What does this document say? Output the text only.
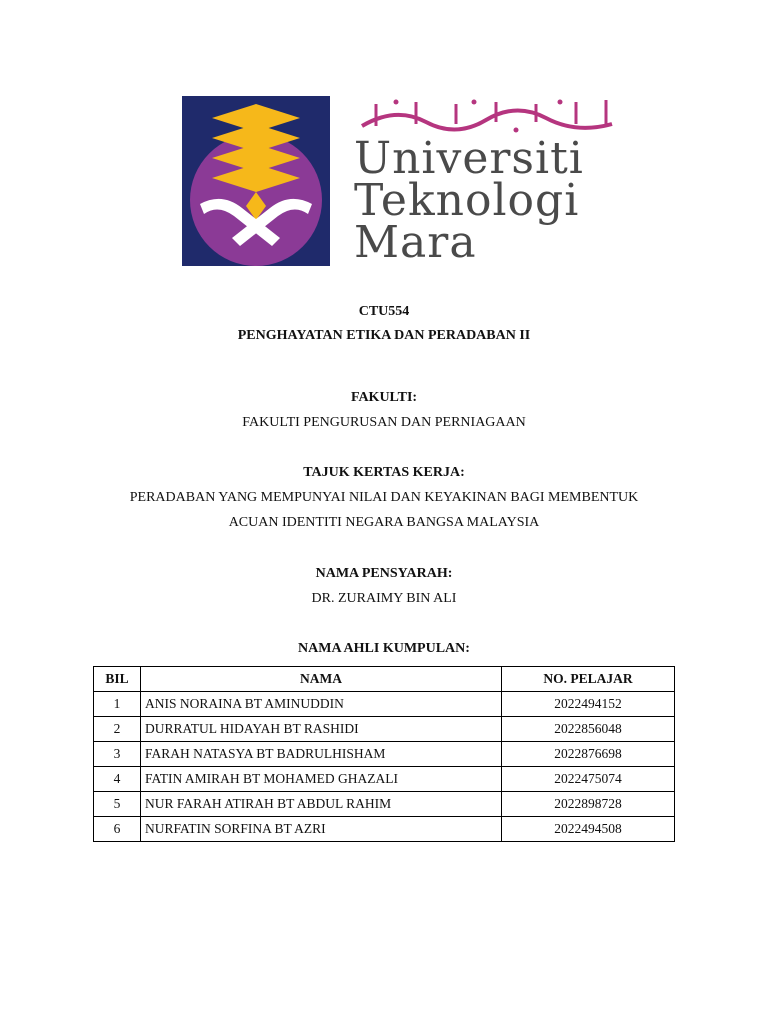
Universiti
Teknologi
Mara
CTU554
PENGHAYATAN ETIKA DAN PERADABAN II
FAKULTI:
FAKULTI PENGURUSAN DAN PERNIAGAAN
TAJUK KERTAS KERJA:
PERADABAN YANG MEMPUNYAI NILAI DAN KEYAKINAN BAGI MEMBENTUK
ACUAN IDENTITI NEGARA BANGSA MALAYSIA
NAMA PENSYARAH:
DR. ZURAIMY BIN ALI
NAMA AHLI KUMPULAN:
BIL	NAMA	NO. PELAJAR
1	ANIS NORAINA BT AMINUDDIN	2022494152
2	DURRATUL HIDAYAH BT RASHIDI	2022856048
3	FARAH NATASYA BT BADRULHISHAM	2022876698
4	FATIN AMIRAH BT MOHAMED GHAZALI	2022475074
5	NUR FARAH ATIRAH BT ABDUL RAHIM	2022898728
6	NURFATIN SORFINA BT AZRI	2022494508
